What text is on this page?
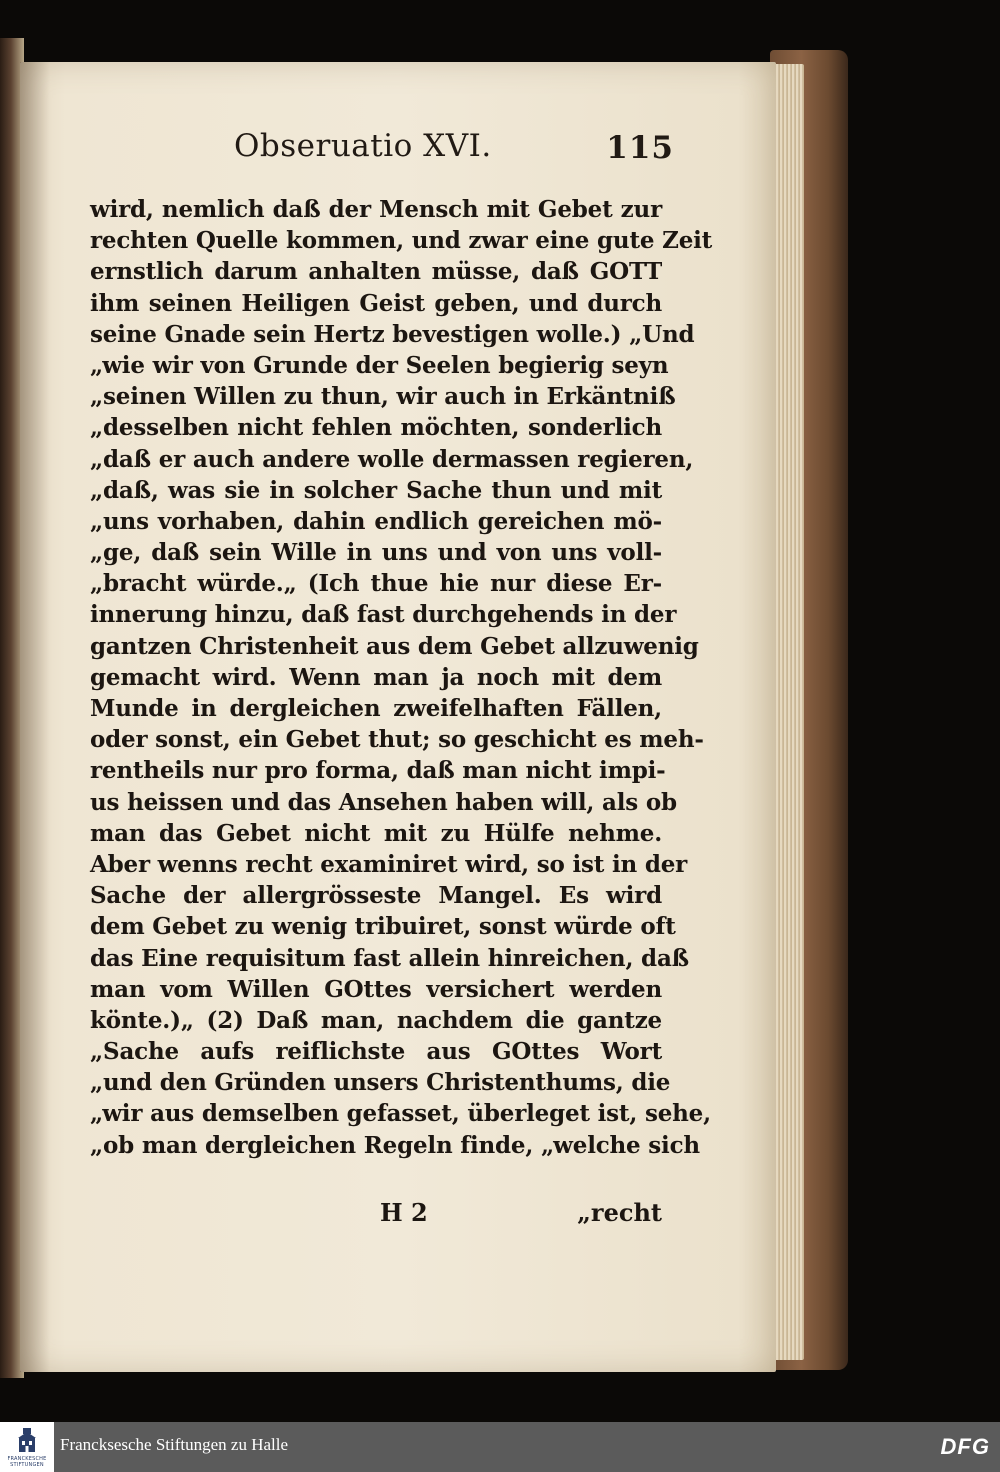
Obseruatio XVI.	115
wird, nemlich daß der Mensch mit Gebet zur
rechten Quelle kommen, und zwar eine gute Zeit
ernstlich darum anhalten müsse, daß GOTT
ihm seinen Heiligen Geist geben, und durch
seine Gnade sein Hertz bevestigen wolle.) „Und
„wie wir von Grunde der Seelen begierig seyn
„seinen Willen zu thun, wir auch in Erkäntniß
„desselben nicht fehlen möchten, sonderlich
„daß er auch andere wolle dermassen regieren,
„daß, was sie in solcher Sache thun und mit
„uns vorhaben, dahin endlich gereichen mö-
„ge, daß sein Wille in uns und von uns voll-
„bracht würde.„ (Ich thue hie nur diese Er-
innerung hinzu, daß fast durchgehends in der
gantzen Christenheit aus dem Gebet allzuwenig
gemacht wird. Wenn man ja noch mit dem
Munde in dergleichen zweifelhaften Fällen,
oder sonst, ein Gebet thut; so geschicht es meh-
rentheils nur pro forma, daß man nicht impi-
us heissen und das Ansehen haben will, als ob
man das Gebet nicht mit zu Hülfe nehme.
Aber wenns recht examiniret wird, so ist in der
Sache der allergrösseste Mangel. Es wird
dem Gebet zu wenig tribuiret, sonst würde oft
das Eine requisitum fast allein hinreichen, daß
man vom Willen GOttes versichert werden
könte.)„ (2) Daß man, nachdem die gantze
„Sache aufs reiflichste aus GOttes Wort
„und den Gründen unsers Christenthums, die
„wir aus demselben gefasset, überleget ist, sehe,
„ob man dergleichen Regeln finde, „welche sich
H 2	„recht
FRANCKESCHE STIFTUNGEN
Francksesche Stiftungen zu Halle	DFG
